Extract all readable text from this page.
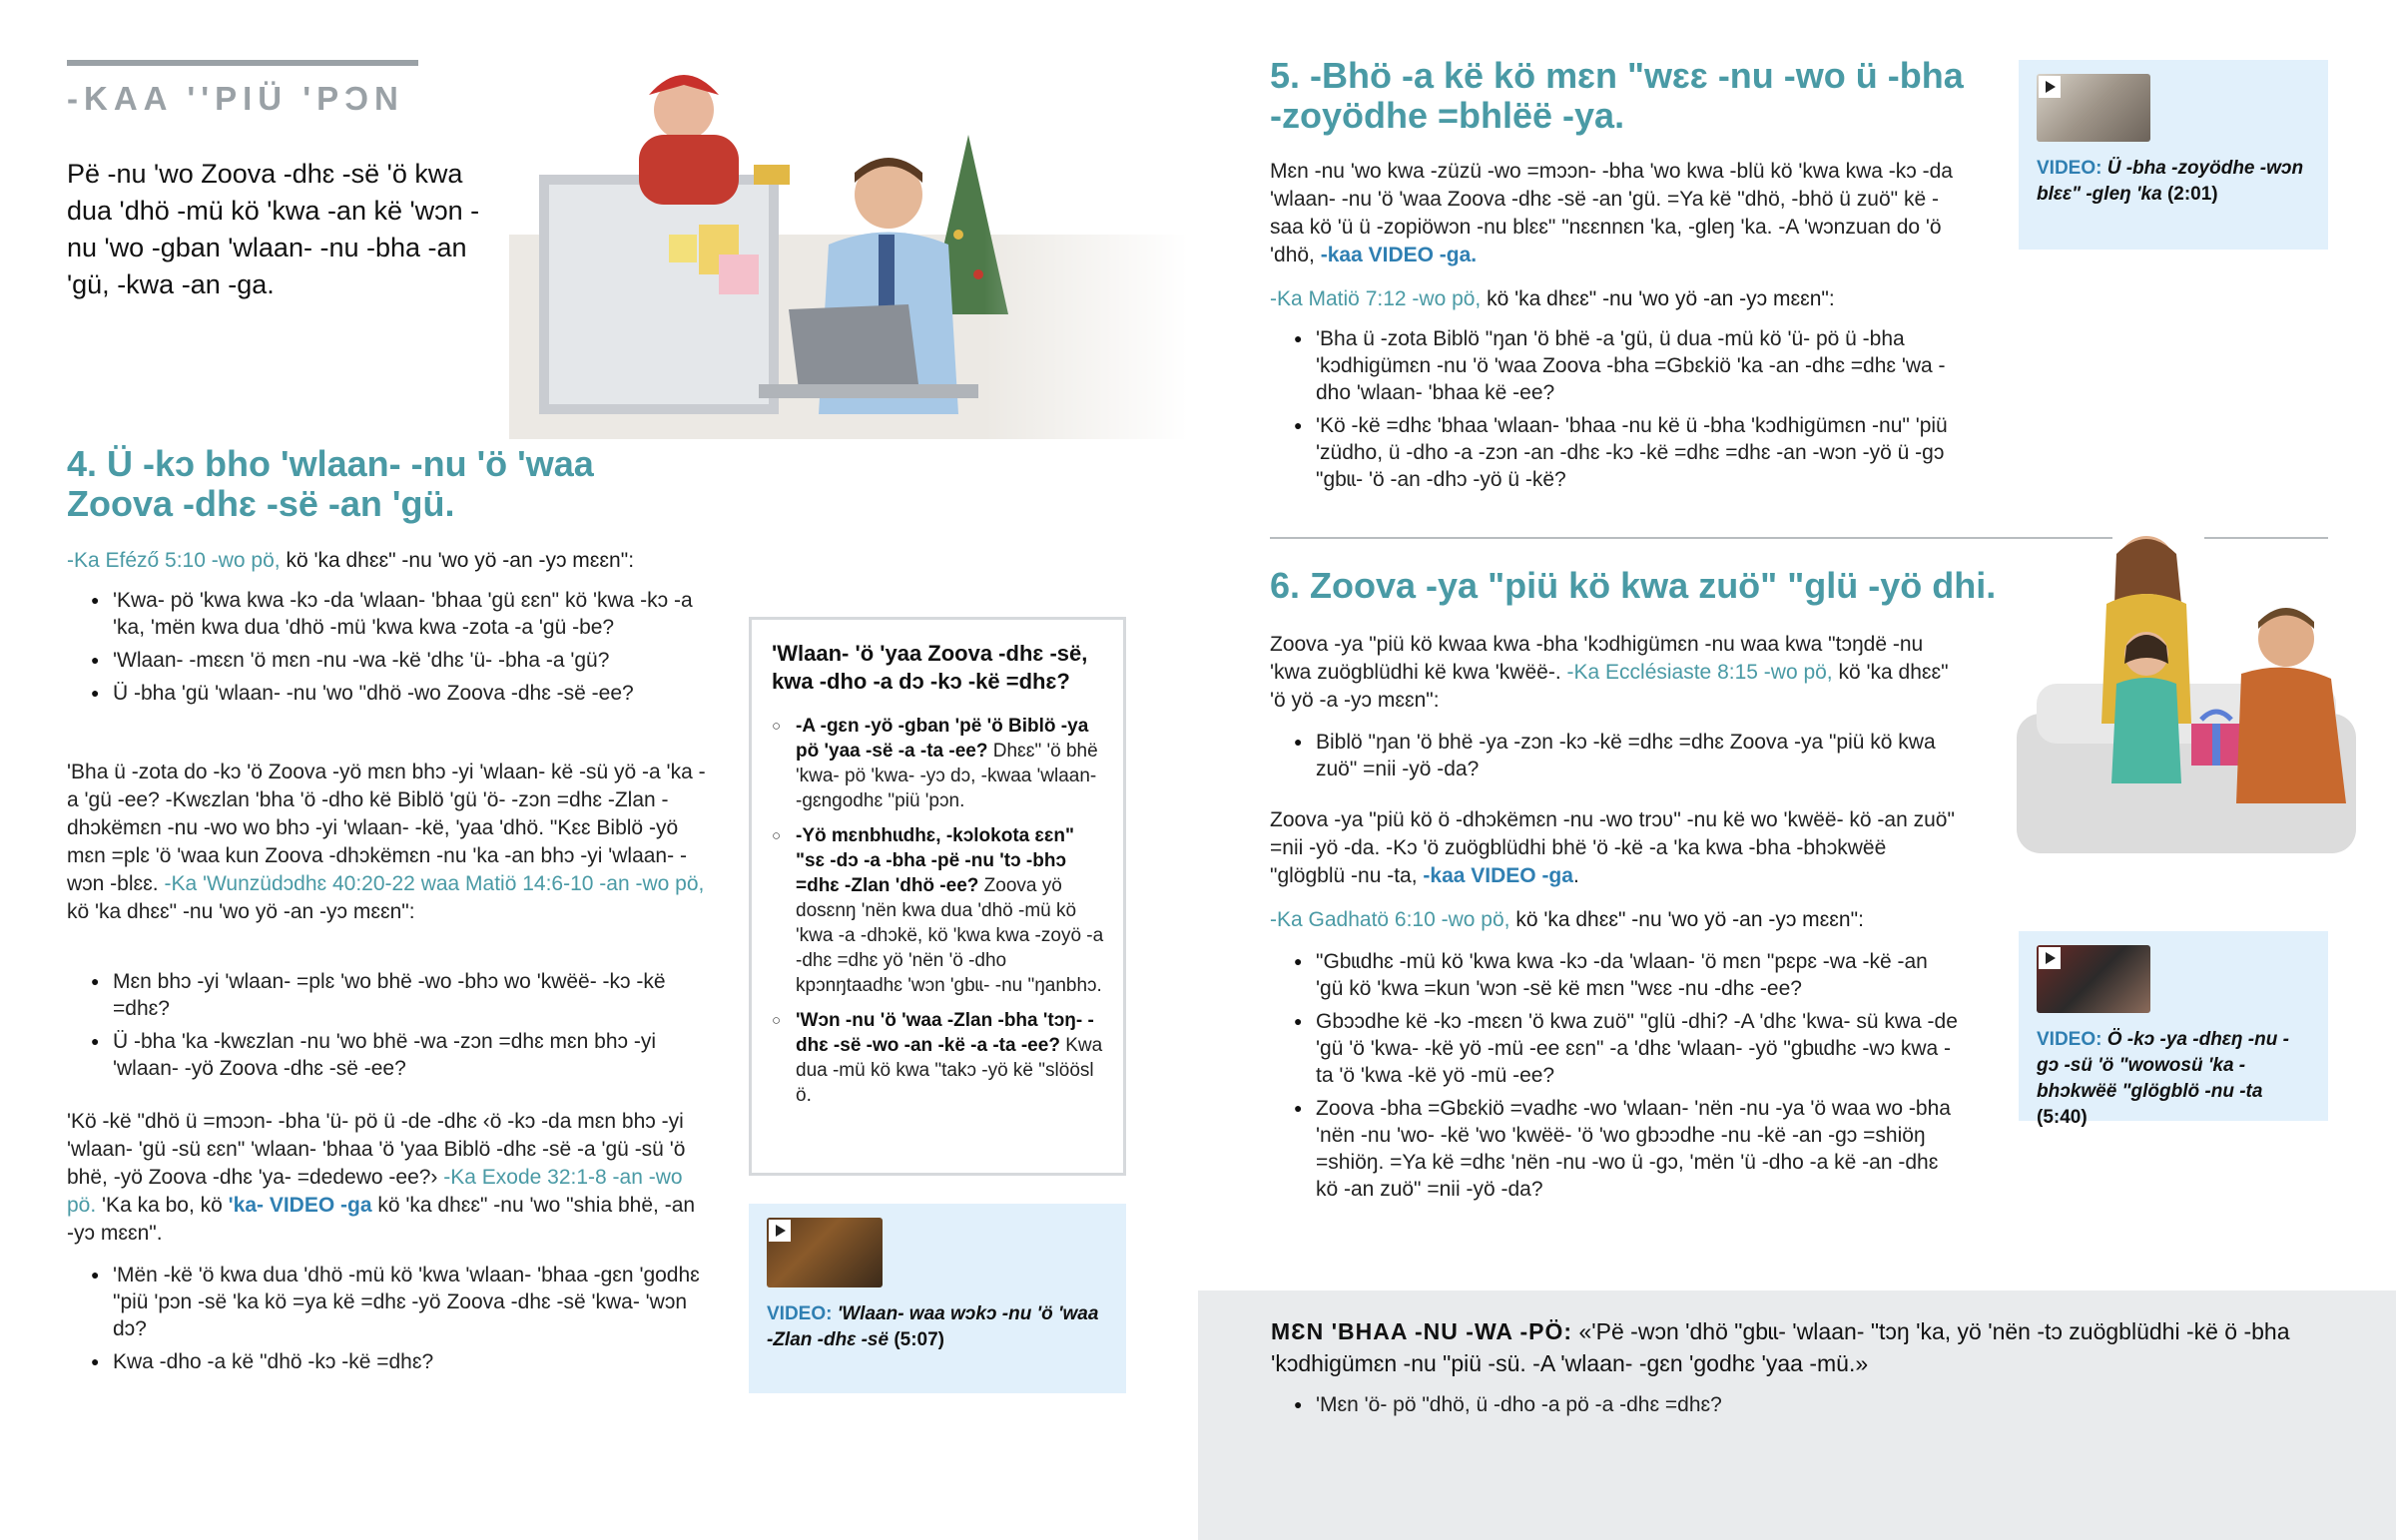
-KAA ''PIÜ 'PƆN
Pë -nu 'wo Zoova -dhɛ -së 'ö kwa dua 'dhö -mü kö 'kwa -an kë 'wɔn -nu 'wo -gban 'wlaan- -nu -bha -an 'gü, -kwa -an -ga.
4. Ü -kɔ bho 'wlaan- -nu 'ö 'waa Zoova -dhɛ -së -an 'gü.
-Ka Eféző 5:10 -wo pö, kö 'ka dhɛɛ" -nu 'wo yö -an -yɔ mɛɛn":
● 'Kwa- pö 'kwa kwa -kɔ -da 'wlaan- 'bhaa 'gü ɛɛn" kö 'kwa -kɔ -a 'ka, 'mën kwa dua 'dhö -mü 'kwa kwa -zota -a 'gü -be?
● 'Wlaan- -mɛɛn 'ö mɛn -nu -wa -kë 'dhɛ 'ü- -bha -a 'gü?
● Ü -bha 'gü 'wlaan- -nu 'wo "dhö -wo Zoova -dhɛ -së -ee?
'Bha ü -zota do -kɔ 'ö Zoova -yö mɛn bhɔ -yi 'wlaan- kë -sü yö -a 'ka -a 'gü -ee? -Kwɛzlan 'bha 'ö -dho kë Biblö 'gü 'ö- -zɔn =dhɛ -Zlan -dhɔkëmɛn -nu -wo wo bhɔ -yi 'wlaan- -kë, 'yaa 'dhö. "Kɛɛ Biblö -yö mɛn =plɛ 'ö 'waa kun Zoova -dhɔkëmɛn -nu 'ka -an bhɔ -yi 'wlaan- -wɔn -blɛɛ. -Ka 'Wunzüdɔdhɛ 40:20-22 waa Matiö 14:6-10 -an -wo pö, kö 'ka dhɛɛ" -nu 'wo yö -an -yɔ mɛɛn":
● Mɛn bhɔ -yi 'wlaan- =plɛ 'wo bhë -wo -bhɔ wo 'kwëë- -kɔ -kë =dhɛ?
● Ü -bha 'ka -kwɛzlan -nu 'wo bhë -wa -zɔn =dhɛ mɛn bhɔ -yi 'wlaan- -yö Zoova -dhɛ -së -ee?
'Kö -kë "dhö ü =mɔɔn- -bha 'ü- pö ü -de -dhɛ ‹ö -kɔ -da mɛn bhɔ -yi 'wlaan- 'gü -sü ɛɛn" 'wlaan- 'bhaa 'ö 'yaa Biblö -dhɛ -së -a 'gü -sü 'ö bhë, -yö Zoova -dhɛ 'ya- =dedewo -ee?› -Ka Exode 32:1-8 -an -wo pö. 'Ka ka bo, kö 'ka- VIDEO -ga kö 'ka dhɛɛ" -nu 'wo "shia bhë, -an -yɔ mɛɛn".
● 'Mën -kë 'ö kwa dua 'dhö -mü kö 'kwa 'wlaan- 'bhaa -gɛn 'godhɛ "piü 'pɔn -së 'ka kö =ya kë =dhɛ -yö Zoova -dhɛ -së 'kwa- 'wɔn dɔ?
● Kwa -dho -a kë "dhö -kɔ -kë =dhɛ?
'Wlaan- 'ö 'yaa Zoova -dhɛ -së, kwa -dho -a dɔ -kɔ -kë =dhɛ?
○ -A -gɛn -yö -gban 'pë 'ö Biblö -ya pö 'yaa -së -a -ta -ee? Dhɛɛ" 'ö bhë 'kwa- pö 'kwa- -yɔ dɔ, -kwaa 'wlaan- -gɛngodhɛ "piü 'pɔn.
○ -Yö mɛnbhɩɩdhɛ, -kɔlokota ɛɛn" "sɛ -dɔ -a -bha -pë -nu 'tɔ -bhɔ =dhɛ -Zlan 'dhö -ee? Zoova yö dosɛnŋ 'nën kwa dua 'dhö -mü kö 'kwa -a -dhɔkë, kö 'kwa kwa -zoyö -a -dhɛ =dhɛ yö 'nën 'ö -dho kpɔnŋtaadhɛ 'wɔn 'gbɩɩ- -nu "ŋanbhɔ.
○ 'Wɔn -nu 'ö 'waa -Zlan -bha 'tɔŋ- -dhɛ -së -wo -an -kë -a -ta -ee? Kwa dua -mü kö kwa "takɔ -yö kë "slöösl ö.
VIDEO: 'Wlaan- waa wɔkɔ -nu 'ö 'waa -Zlan -dhɛ -së (5:07)
5. -Bhö -a kë kö mɛn "wɛɛ -nu -wo ü -bha -zoyödhe =bhlëë -ya.
Mɛn -nu 'wo kwa -züzü -wo =mɔɔn- -bha 'wo kwa -blü kö 'kwa kwa -kɔ -da 'wlaan- -nu 'ö 'waa Zoova -dhɛ -së -an 'gü. =Ya kë "dhö, -bhö ü zuö" kë -saa kö 'ü ü -zopiöwɔn -nu blɛɛ" "nɛɛnnɛn 'ka, -gleŋ 'ka. -A 'wɔnzuan do 'ö 'dhö, -kaa VIDEO -ga.
-Ka Matiö 7:12 -wo pö, kö 'ka dhɛɛ" -nu 'wo yö -an -yɔ mɛɛn":
● 'Bha ü -zota Biblö "ŋan 'ö bhë -a 'gü, ü dua -mü kö 'ü- pö ü -bha 'kɔdhigümɛn -nu 'ö 'waa Zoova -bha =Gbɛkiö 'ka -an -dhɛ =dhɛ 'wa -dho 'wlaan- 'bhaa kë -ee?
● 'Kö -kë =dhɛ 'bhaa 'wlaan- 'bhaa -nu kë ü -bha 'kɔdhigümɛn -nu" 'piü 'züdho, ü -dho -a -zɔn -an -dhɛ -kɔ -kë =dhɛ =dhɛ -an -wɔn -yö ü -gɔ "gbɩɩ- 'ö -an -dhɔ -yö ü -kë?
VIDEO: Ü -bha -zoyödhe -wɔn blɛɛ" -gleŋ 'ka (2:01)
6. Zoova -ya "piü kö kwa zuö" "glü -yö dhi.
Zoova -ya "piü kö kwaa kwa -bha 'kɔdhigümɛn -nu waa kwa "tɔŋdë -nu 'kwa zuögblüdhi kë kwa 'kwëë-. -Ka Ecclésiaste 8:15 -wo pö, kö 'ka dhɛɛ" 'ö yö -a -yɔ mɛɛn":
● Biblö "ŋan 'ö bhë -ya -zɔn -kɔ -kë =dhɛ =dhɛ Zoova -ya "piü kö kwa zuö" =nii -yö -da?
Zoova -ya "piü kö ö -dhɔkëmɛn -nu -wo trɔʋ" -nu kë wo 'kwëë- kö -an zuö" =nii -yö -da. -Kɔ 'ö zuögblüdhi bhë 'ö -kë -a 'ka kwa -bha -bhɔkwëë "glögblü -nu -ta, -kaa VIDEO -ga.
-Ka Gadhatö 6:10 -wo pö, kö 'ka dhɛɛ" -nu 'wo yö -an -yɔ mɛɛn":
● "Gbɩɩdhɛ -mü kö 'kwa kwa -kɔ -da 'wlaan- 'ö mɛn "pɛpɛ -wa -kë -an 'gü kö 'kwa =kun 'wɔn -së kë mɛn "wɛɛ -nu -dhɛ -ee?
● Gbɔɔdhe kë -kɔ -mɛɛn 'ö kwa zuö" "glü -dhi? -A 'dhɛ 'kwa- sü kwa -de 'gü 'ö 'kwa- -kë yö -mü -ee ɛɛn" -a 'dhɛ 'wlaan- -yö "gbɩɩdhɛ -wɔ kwa -ta 'ö 'kwa -kë yö -mü -ee?
● Zoova -bha =Gbɛkiö =vadhɛ -wo 'wlaan- 'nën -nu -ya 'ö waa wo -bha 'nën -nu 'wo- -kë 'wo 'kwëë- 'ö 'wo gbɔɔdhe -nu -kë -an -gɔ =shiöŋ =shiöŋ. =Ya kë =dhɛ 'nën -nu -wo ü -gɔ, 'mën 'ü -dho -a kë -an -dhɛ kö -an zuö" =nii -yö -da?
VIDEO: Ö -kɔ -ya -dhɛŋ -nu -gɔ -sü 'ö "wowosü 'ka -bhɔkwëë "glögblö -nu -ta (5:40)
MƐN 'BHAA -NU -WA -PÖ: «'Pë -wɔn 'dhö "gbɩɩ- 'wlaan- "tɔŋ 'ka, yö 'nën -tɔ zuögblüdhi -kë ö -bha 'kɔdhigümɛn -nu "piü -sü. -A 'wlaan- -gɛn 'godhɛ 'yaa -mü.»
● 'Mɛn 'ö- pö "dhö, ü -dho -a pö -a -dhɛ =dhɛ?
